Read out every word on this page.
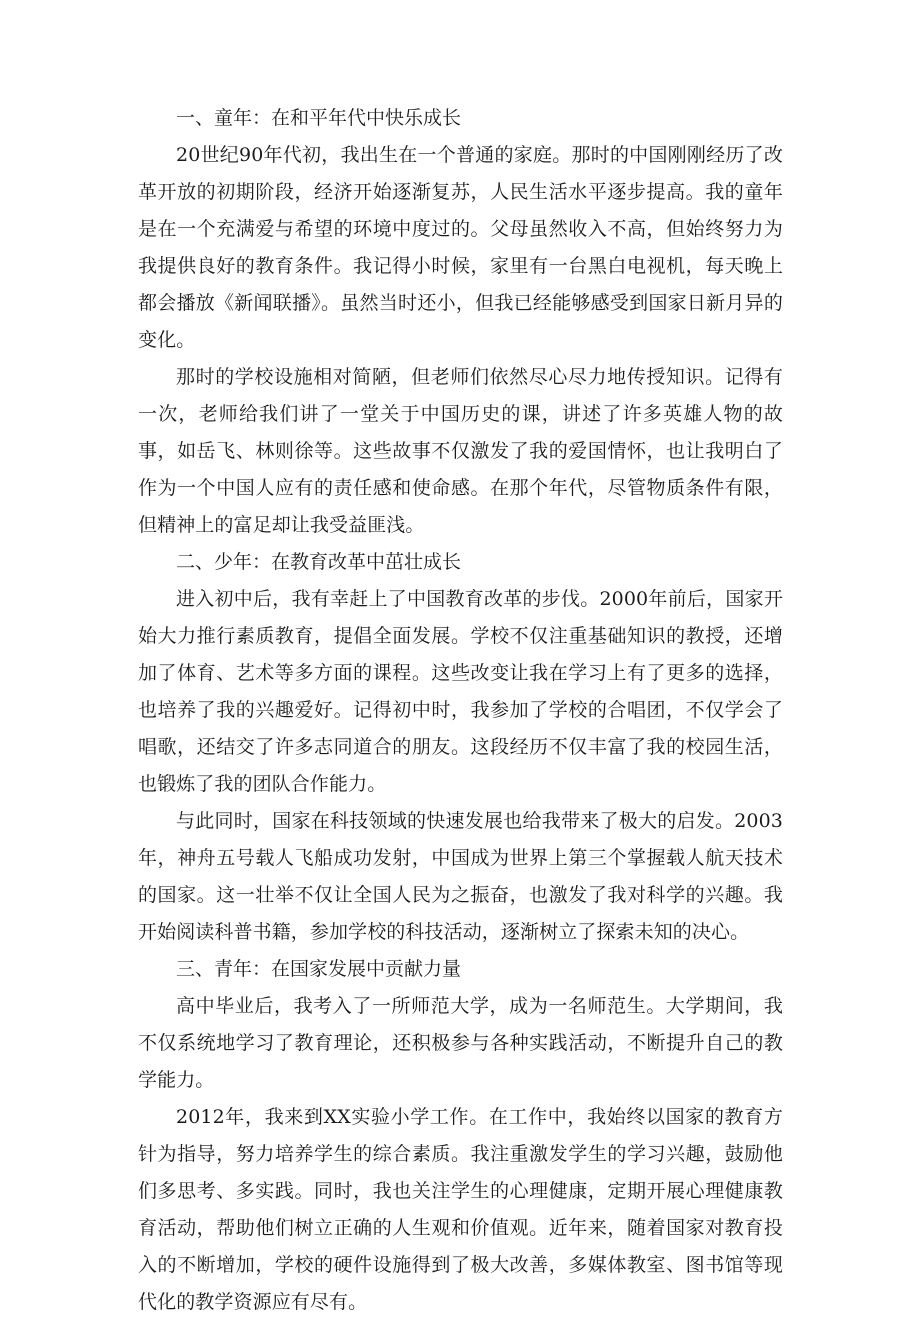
一、童年：在和平年代中快乐成长

20世纪90年代初，我出生在一个普通的家庭。那时的中国刚刚经历了改革开放的初期阶段，经济开始逐渐复苏，人民生活水平逐步提高。我的童年是在一个充满爱与希望的环境中度过的。父母虽然收入不高，但始终努力为我提供良好的教育条件。我记得小时候，家里有一台黑白电视机，每天晚上都会播放《新闻联播》。虽然当时还小，但我已经能够感受到国家日新月异的变化。

那时的学校设施相对简陋，但老师们依然尽心尽力地传授知识。记得有一次，老师给我们讲了一堂关于中国历史的课，讲述了许多英雄人物的故事，如岳飞、林则徐等。这些故事不仅激发了我的爱国情怀，也让我明白了作为一个中国人应有的责任感和使命感。在那个年代，尽管物质条件有限，但精神上的富足却让我受益匪浅。

二、少年：在教育改革中茁壮成长

进入初中后，我有幸赶上了中国教育改革的步伐。2000年前后，国家开始大力推行素质教育，提倡全面发展。学校不仅注重基础知识的教授，还增加了体育、艺术等多方面的课程。这些改变让我在学习上有了更多的选择，也培养了我的兴趣爱好。记得初中时，我参加了学校的合唱团，不仅学会了唱歌，还结交了许多志同道合的朋友。这段经历不仅丰富了我的校园生活，也锻炼了我的团队合作能力。

与此同时，国家在科技领域的快速发展也给我带来了极大的启发。2003年，神舟五号载人飞船成功发射，中国成为世界上第三个掌握载人航天技术的国家。这一壮举不仅让全国人民为之振奋，也激发了我对科学的兴趣。我开始阅读科普书籍，参加学校的科技活动，逐渐树立了探索未知的决心。

三、青年：在国家发展中贡献力量

高中毕业后，我考入了一所师范大学，成为一名师范生。大学期间，我不仅系统地学习了教育理论，还积极参与各种实践活动，不断提升自己的教学能力。

2012年，我来到XX实验小学工作。在工作中，我始终以国家的教育方针为指导，努力培养学生的综合素质。我注重激发学生的学习兴趣，鼓励他们多思考、多实践。同时，我也关注学生的心理健康，定期开展心理健康教育活动，帮助他们树立正确的人生观和价值观。近年来，随着国家对教育投入的不断增加，学校的硬件设施得到了极大改善，多媒体教室、图书馆等现代化的教学资源应有尽有。
